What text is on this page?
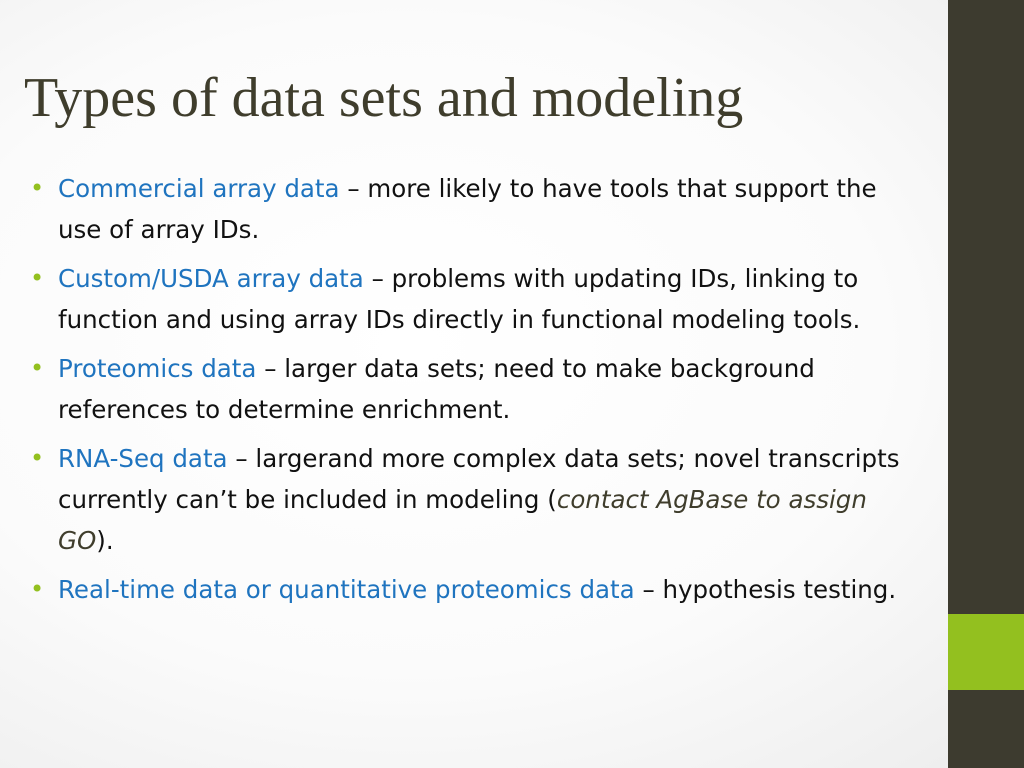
Types of data sets and modeling
• Commercial array data – more likely to have tools that support the use of array IDs.
• Custom/USDA array data – problems with updating IDs, linking to function and using array IDs directly in functional modeling tools.
• Proteomics data – larger data sets; need to make background references to determine enrichment.
• RNA-Seq data – largerand more complex data sets; novel transcripts currently can’t be included in modeling (contact AgBase to assign GO).
• Real-time data or quantitative proteomics data – hypothesis testing.
